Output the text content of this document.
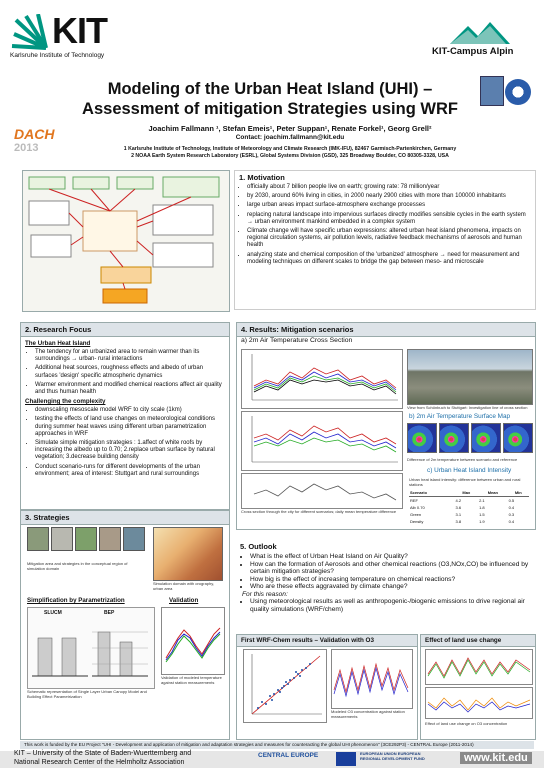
KIT
Karlsruhe Institute of Technology	KIT-Campus Alpin
Modeling of the Urban Heat Island (UHI) –
Assessment of mitigation Strategies using WRF
DACH
2013
Joachim Fallmann ¹, Stefan Emeis¹, Peter Suppan¹, Renate Forkel¹, Georg Grell²
Contact: joachim.fallmann@kit.edu
1 Karlsruhe Institute of Technology, Institute of Meteorology and Climate Research (IMK-IFU), 82467 Garmisch-Partenkirchen, Germany
2 NOAA Earth System Research Laboratory (ESRL), Global Systems Division (GSD), 325 Broadway Boulder, CO 80305-3328, USA
1. Motivation
• officially about 7 billion people live on earth; growing rate: 78 million/year
• by 2030, around 60% living in cities, in 2000 nearly 2900 cities with more than 100000 inhabitants
• large urban areas impact surface-atmosphere exchange processes
• replacing natural landscape into impervious surfaces directly modifies sensible cycles in the earth system → urban environment mankind embedded in a complex system
• Climate change will have specific urban expressions: altered urban heat island phenomena, impacts on regional circulation systems, air pollution levels, radiative feedback mechanisms of aerosols and human health
• analyzing state and chemical composition of the 'urbanized' atmosphere → need for measurement and modeling techniques on different scales to bridge the gap between meso- and microscale
2. Research Focus
The Urban Heat Island
• The tendency for an urbanized area to remain warmer than its surroundings → urban- rural interactions
• Additional heat sources, roughness effects and albedo of urban surfaces 'design' specific atmospheric dynamics
• Warmer environment and modified chemical reactions affect air quality and thus human health
Challenging the complexity
• downscaling mesoscale model WRF to city scale (1km)
• testing the effects of land use changes on meteorological conditions during summer heat waves using different urban parametrization approaches in WRF
• Simulate simple mitigation strategies : 1.affect of white roofs by increasing the albedo up to 0.70; 2.replace urban surface by natural vegetation; 3.decrease building density
• Conduct scenario-runs for different developments of the urban environment; area of interest: Stuttgart and rural surroundings
3. Strategies
Mitigation area and strategies in the conceptual region of simulation domain
Simulation domain with orography, urban area
Simplification by Parametrization	Validation
SLUCM	BEP
Schematic representation of Single Layer Urban Canopy Model and Building Effect Parametrization
Validation of modeled temperature against station measurements
4. Results: Mitigation scenarios
a) 2m Air Temperature Cross Section
Cross section through the city for different scenarios; daily mean temperature difference
View from Schönbuch to Stuttgart: Investigation line of cross section
b) 2m Air Temperature Surface Map
Difference of 2m temperature between scenario and reference
c) Urban Heat Island Intensity
Urban heat island intensity: difference between urban and rural stations
Scenario	Max	Mean	Min
REF	4.2	2.1	0.5
Alb 0.70	3.6	1.8	0.4
Green	3.1	1.5	0.3
Density	3.8	1.9	0.4
5. Outlook
• What is the effect of Urban Heat Island on Air Quality?
• How can the formation of Aerosols and other chemical reactions (O3,NOx,CO) be influenced by certain mitigation strategies?
• How big is the effect of increasing temperature on chemical reactions?
• Who are these effects aggravated by climate change?
For this reason:
• Using meteorological results as well as anthropogenic-/biogenic emissions to drive regional air quality simulations (WRF/chem)
First WRF-Chem results – Validation with O3
Modeled O3 concentration against station measurements
Effect of land use change
Effect of land use change on O3 concentration
This work is funded by the EU Project "UHI - Development and application of mitigation and adaptation strategies and measures for counteracting the global UHI phenomenon" (3CE292P3) - CENTRAL Europe (2011-2014)
KIT – University of the State of Baden-Wuerttemberg and
National Research Center of the Helmholtz Association
CENTRAL EUROPE	EUROPEAN UNION EUROPEAN REGIONAL DEVELOPMENT FUND	www.kit.edu
